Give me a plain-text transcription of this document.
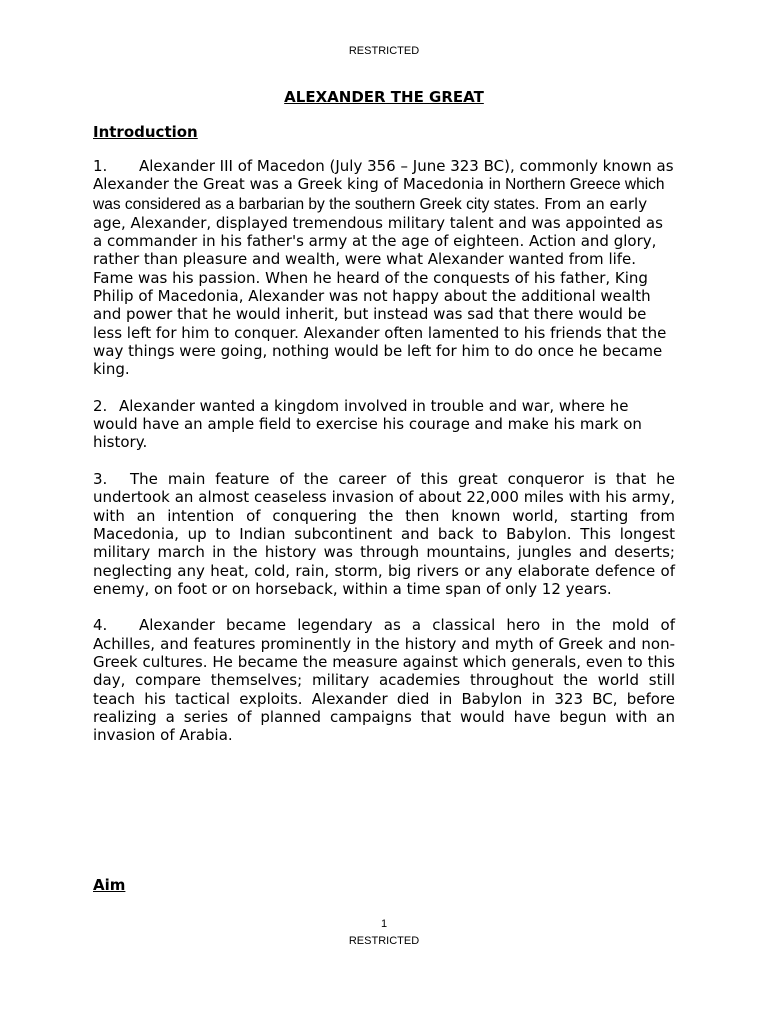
RESTRICTED
ALEXANDER THE GREAT
Introduction

1. Alexander III of Macedon (July 356 – June 323 BC), commonly known as Alexander the Great was a Greek king of Macedonia in Northern Greece which was considered as a barbarian by the southern Greek city states. From an early age, Alexander, displayed tremendous military talent and was appointed as a commander in his father's army at the age of eighteen. Action and glory, rather than pleasure and wealth, were what Alexander wanted from life. Fame was his passion. When he heard of the conquests of his father, King Philip of Macedonia, Alexander was not happy about the additional wealth and power that he would inherit, but instead was sad that there would be less left for him to conquer. Alexander often lamented to his friends that the way things were going, nothing would be left for him to do once he became king.

2. Alexander wanted a kingdom involved in trouble and war, where he would have an ample field to exercise his courage and make his mark on history.

3. The main feature of the career of this great conqueror is that he undertook an almost ceaseless invasion of about 22,000 miles with his army, with an intention of conquering the then known world, starting from Macedonia, up to Indian subcontinent and back to Babylon. This longest military march in the history was through mountains, jungles and deserts; neglecting any heat, cold, rain, storm, big rivers or any elaborate defence of enemy, on foot or on horseback, within a time span of only 12 years.

4. Alexander became legendary as a classical hero in the mold of Achilles, and features prominently in the history and myth of Greek and non-Greek cultures. He became the measure against which generals, even to this day, compare themselves; military academies throughout the world still teach his tactical exploits. Alexander died in Babylon in 323 BC, before realizing a series of planned campaigns that would have begun with an invasion of Arabia.

Aim
1
RESTRICTED
